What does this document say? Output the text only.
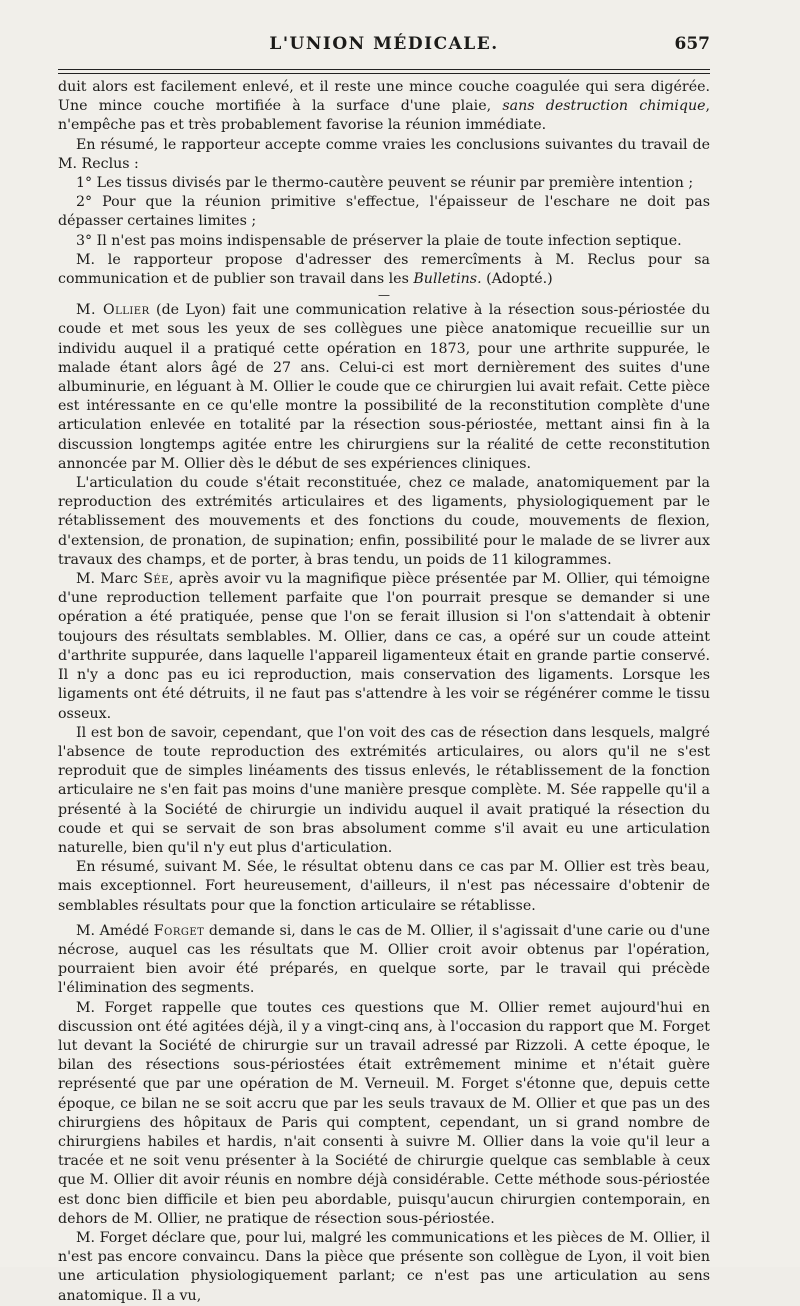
L'UNION MÉDICALE.	657

duit alors est facilement enlevé, et il reste une mince couche coagulée qui sera digérée. Une mince couche mortifiée à la surface d'une plaie, sans destruction chimique, n'empêche pas et très probablement favorise la réunion immédiate.

En résumé, le rapporteur accepte comme vraies les conclusions suivantes du travail de M. Reclus :

1° Les tissus divisés par le thermo-cautère peuvent se réunir par première intention ;

2° Pour que la réunion primitive s'effectue, l'épaisseur de l'eschare ne doit pas dépasser certaines limites ;

3° Il n'est pas moins indispensable de préserver la plaie de toute infection septique.

M. le rapporteur propose d'adresser des remercîments à M. Reclus pour sa communication et de publier son travail dans les Bulletins. (Adopté.)

—

M. Ollier (de Lyon) fait une communication relative à la résection sous-périostée du coude et met sous les yeux de ses collègues une pièce anatomique recueillie sur un individu auquel il a pratiqué cette opération en 1873, pour une arthrite suppurée, le malade étant alors âgé de 27 ans. Celui-ci est mort dernièrement des suites d'une albuminurie, en léguant à M. Ollier le coude que ce chirurgien lui avait refait. Cette pièce est intéressante en ce qu'elle montre la possibilité de la reconstitution complète d'une articulation enlevée en totalité par la résection sous-périostée, mettant ainsi fin à la discussion longtemps agitée entre les chirurgiens sur la réalité de cette reconstitution annoncée par M. Ollier dès le début de ses expériences cliniques.

L'articulation du coude s'était reconstituée, chez ce malade, anatomiquement par la reproduction des extrémités articulaires et des ligaments, physiologiquement par le rétablissement des mouvements et des fonctions du coude, mouvements de flexion, d'extension, de pronation, de supination; enfin, possibilité pour le malade de se livrer aux travaux des champs, et de porter, à bras tendu, un poids de 11 kilogrammes.

M. Marc Sée, après avoir vu la magnifique pièce présentée par M. Ollier, qui témoigne d'une reproduction tellement parfaite que l'on pourrait presque se demander si une opération a été pratiquée, pense que l'on se ferait illusion si l'on s'attendait à obtenir toujours des résultats semblables. M. Ollier, dans ce cas, a opéré sur un coude atteint d'arthrite suppurée, dans laquelle l'appareil ligamenteux était en grande partie conservé. Il n'y a donc pas eu ici reproduction, mais conservation des ligaments. Lorsque les ligaments ont été détruits, il ne faut pas s'attendre à les voir se régénérer comme le tissu osseux.

Il est bon de savoir, cependant, que l'on voit des cas de résection dans lesquels, malgré l'absence de toute reproduction des extrémités articulaires, ou alors qu'il ne s'est reproduit que de simples linéaments des tissus enlevés, le rétablissement de la fonction articulaire ne s'en fait pas moins d'une manière presque complète. M. Sée rappelle qu'il a présenté à la Société de chirurgie un individu auquel il avait pratiqué la résection du coude et qui se servait de son bras absolument comme s'il avait eu une articulation naturelle, bien qu'il n'y eut plus d'articulation.

En résumé, suivant M. Sée, le résultat obtenu dans ce cas par M. Ollier est très beau, mais exceptionnel. Fort heureusement, d'ailleurs, il n'est pas nécessaire d'obtenir de semblables résultats pour que la fonction articulaire se rétablisse.

M. Amédé Forget demande si, dans le cas de M. Ollier, il s'agissait d'une carie ou d'une nécrose, auquel cas les résultats que M. Ollier croit avoir obtenus par l'opération, pourraient bien avoir été préparés, en quelque sorte, par le travail qui précède l'élimination des segments.

M. Forget rappelle que toutes ces questions que M. Ollier remet aujourd'hui en discussion ont été agitées déjà, il y a vingt-cinq ans, à l'occasion du rapport que M. Forget lut devant la Société de chirurgie sur un travail adressé par Rizzoli. A cette époque, le bilan des résections sous-périostées était extrêmement minime et n'était guère représenté que par une opération de M. Verneuil. M. Forget s'étonne que, depuis cette époque, ce bilan ne se soit accru que par les seuls travaux de M. Ollier et que pas un des chirurgiens des hôpitaux de Paris qui comptent, cependant, un si grand nombre de chirurgiens habiles et hardis, n'ait consenti à suivre M. Ollier dans la voie qu'il leur a tracée et ne soit venu présenter à la Société de chirurgie quelque cas semblable à ceux que M. Ollier dit avoir réunis en nombre déjà considérable. Cette méthode sous-périostée est donc bien difficile et bien peu abordable, puisqu'aucun chirurgien contemporain, en dehors de M. Ollier, ne pratique de résection sous-périostée.

M. Forget déclare que, pour lui, malgré les communications et les pièces de M. Ollier, il n'est pas encore convaincu. Dans la pièce que présente son collègue de Lyon, il voit bien une articulation physiologiquement parlant; ce n'est pas une articulation au sens anatomique. Il a vu,
